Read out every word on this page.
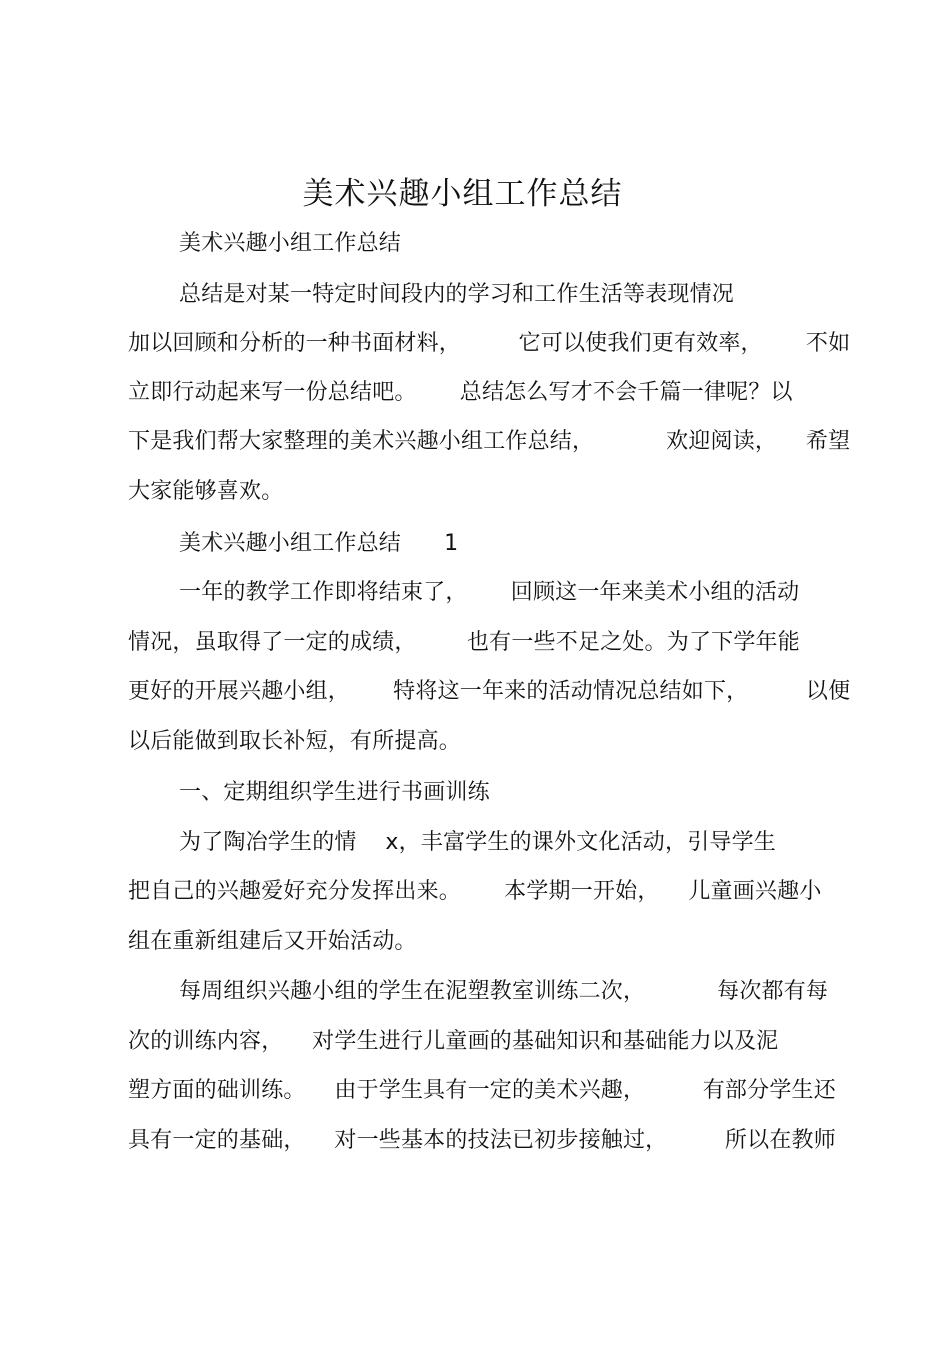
美术兴趣小组工作总结
美术兴趣小组工作总结
总结是对某一特定时间段内的学习和工作生活等表现情况
加以回顾和分析的一种书面材料，        它可以使我们更有效率，      不如
立即行动起来写一份总结吧。      总结怎么写才不会千篇一律呢？以
下是我们帮大家整理的美术兴趣小组工作总结，          欢迎阅读，    希望
大家能够喜欢。
美术兴趣小组工作总结      1
一年的教学工作即将结束了，      回顾这一年来美术小组的活动
情况，虽取得了一定的成绩，       也有一些不足之处。为了下学年能
更好的开展兴趣小组，      特将这一年来的活动情况总结如下，        以便
以后能做到取长补短，有所提高。
一、定期组织学生进行书画训练
为了陶冶学生的情    x，丰富学生的课外文化活动，引导学生
把自己的兴趣爱好充分发挥出来。      本学期一开始，    儿童画兴趣小
组在重新组建后又开始活动。
每周组织兴趣小组的学生在泥塑教室训练二次，          每次都有每
次的训练内容，    对学生进行儿童画的基础知识和基础能力以及泥
塑方面的础训练。    由于学生具有一定的美术兴趣，        有部分学生还
具有一定的基础，    对一些基本的技法已初步接触过，        所以在教师
